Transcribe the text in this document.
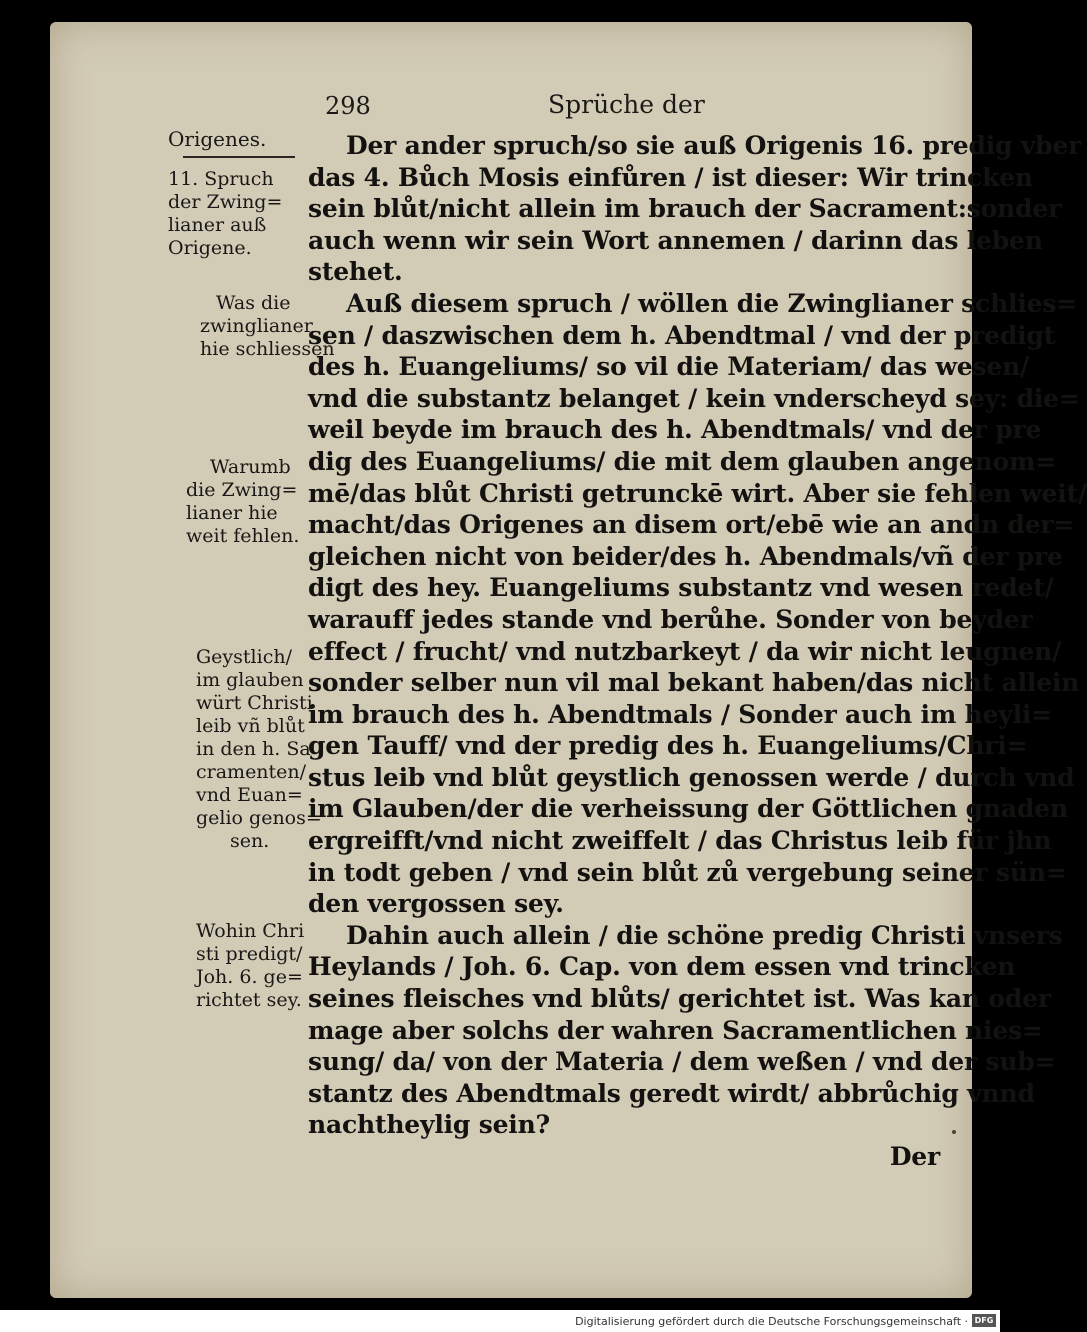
298	Sprüche der
Origenes.
11. Spruch
der Zwing=
lianer auß
Origene.
Was die
zwinglianer
hie schliessen
Warumb
die Zwing=
lianer hie
weit fehlen.
Geystlich/
im glauben
würt Christi
leib vñ blůt
in den h. Sa
cramenten/
vnd Euan=
gelio genos=
sen.
Wohin Chri
sti predigt/
Joh. 6. ge=
richtet sey.
Der ander spruch/so sie auß Origenis 16. predig vber
das 4. Bůch Mosis einfůren / ist dieser: Wir trincken
sein blůt/nicht allein im brauch der Sacrament:sonder
auch wenn wir sein Wort annemen / darinn das leben
stehet.
Auß diesem spruch / wöllen die Zwinglianer schlies=
sen / daszwischen dem h. Abendtmal / vnd der predigt
des h. Euangeliums/ so vil die Materiam/ das wesen/
vnd die substantz belanget / kein vnderscheyd sey: die=
weil beyde im brauch des h. Abendtmals/ vnd der pre
dig des Euangeliums/ die mit dem glauben angenom=
mē/das blůt Christi getrunckē wirt. Aber sie fehlen weit/
macht/das Origenes an disem ort/ebē wie an andn der=
gleichen nicht von beider/des h. Abendmals/vñ der pre
digt des hey. Euangeliums substantz vnd wesen redet/
warauff jedes stande vnd berůhe. Sonder von beyder
effect / frucht/ vnd nutzbarkeyt / da wir nicht leugnen/
sonder selber nun vil mal bekant haben/das nicht allein
im brauch des h. Abendtmals / Sonder auch im heyli=
gen Tauff/ vnd der predig des h. Euangeliums/Chri=
stus leib vnd blůt geystlich genossen werde / durch vnd
im Glauben/der die verheissung der Göttlichen gnaden
ergreifft/vnd nicht zweiffelt / das Christus leib für jhn
in todt geben / vnd sein blůt zů vergebung seiner sün=
den vergossen sey.
Dahin auch allein / die schöne predig Christi vnsers
Heylands / Joh. 6. Cap. von dem essen vnd trincken
seines fleisches vnd blůts/ gerichtet ist. Was kan oder
mage aber solchs der wahren Sacramentlichen nies=
sung/ da/ von der Materia / dem weßen / vnd der sub=
stantz des Abendtmals geredt wirdt/ abbrůchig vnnd
nachtheylig sein?
Der
Digitalisierung gefördert durch die Deutsche Forschungsgemeinschaft · DFG
